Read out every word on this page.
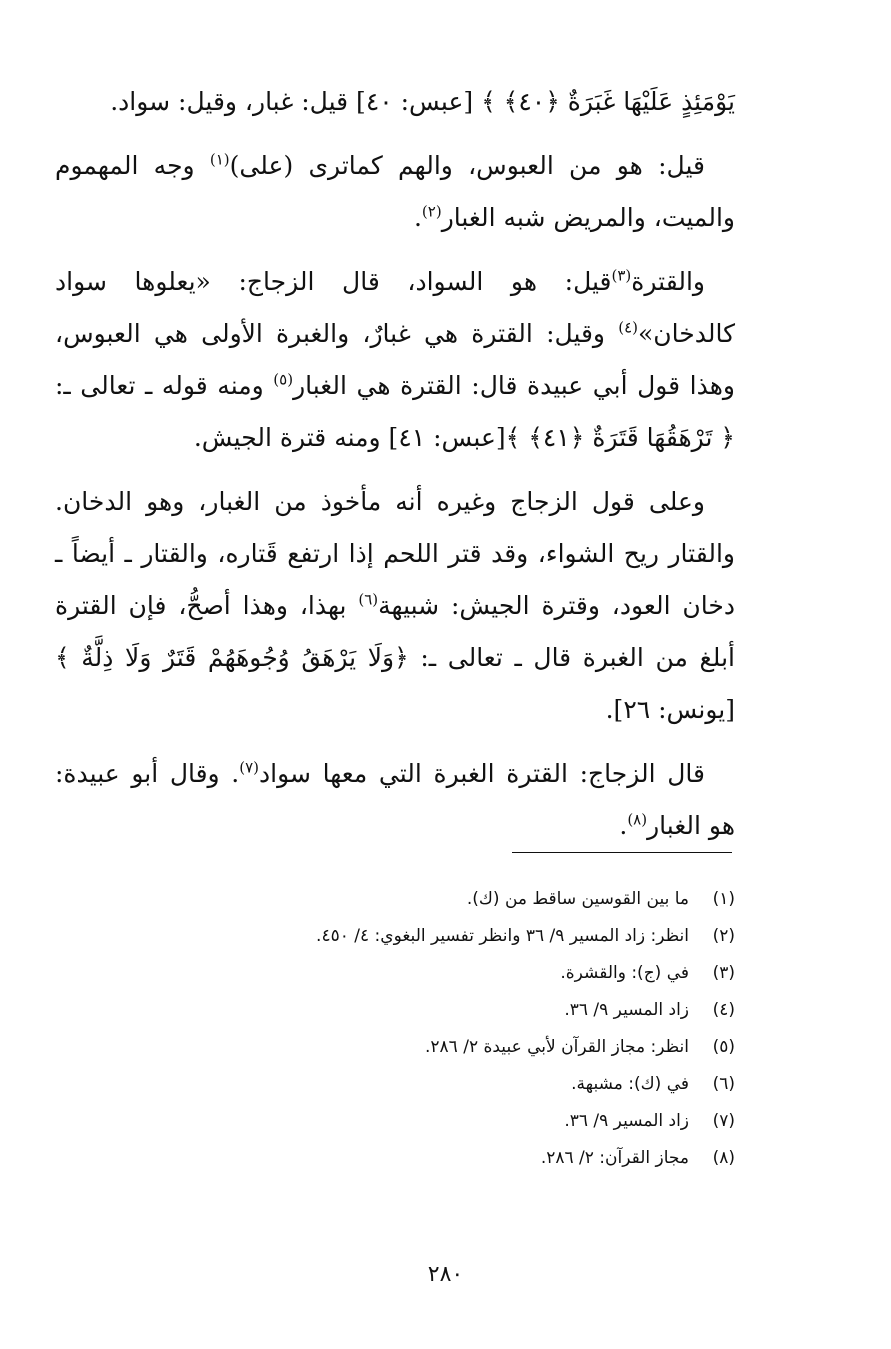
يَوْمَئِذٍ عَلَيْهَا غَبَرَةٌ ﴿٤٠﴾ ﴾ [عبس: ٤٠] قيل: غبار، وقيل: سواد.

قيل: هو من العبوس، والهم كماترى (على)$^{(١)}$ وجه المهموم والميت، والمريض شبه الغبار$^{(٢)}$.

والقترة$^{(٣)}$قيل: هو السواد، قال الزجاج: «يعلوها سواد كالدخان»$^{(٤)}$ وقيل: القترة هي غبارٌ، والغبرة الأولى هي العبوس، وهذا قول أبي عبيدة قال: القترة هي الغبار$^{(٥)}$ ومنه قوله ـ تعالى ـ: ﴿ تَرْهَقُهَا قَتَرَةٌ ﴿٤١﴾ ﴾[عبس: ٤١] ومنه قترة الجيش.

وعلى قول الزجاج وغيره أنه مأخوذ من الغبار، وهو الدخان. والقتار ريح الشواء، وقد قتر اللحم إذا ارتفع قَتاره، والقتار ـ أيضاً ـ دخان العود، وقترة الجيش: شبيهة$^{(٦)}$ بهذا، وهذا أصحُّ، فإن القترة أبلغ من الغبرة قال ـ تعالى ـ: ﴿وَلَا يَرْهَقُ وُجُوهَهُمْ قَتَرٌ وَلَا ذِلَّةٌ ﴾ [يونس: ٢٦].

قال الزجاج: القترة الغبرة التي معها سواد$^{(٧)}$. وقال أبو عبيدة: هو الغبار$^{(٨)}$.

(١)
ما بين القوسين ساقط من (ك).
(٢)
انظر: زاد المسير ٩/ ٣٦ وانظر تفسير البغوي: ٤/ ٤٥٠.
(٣)
في (ج): والقشرة.
(٤)
زاد المسير ٩/ ٣٦.
(٥)
انظر: مجاز القرآن لأبي عبيدة ٢/ ٢٨٦.
(٦)
في (ك): مشبهة.
(٧)
زاد المسير ٩/ ٣٦.
(٨)
مجاز القرآن: ٢/ ٢٨٦.
٢٨٠
